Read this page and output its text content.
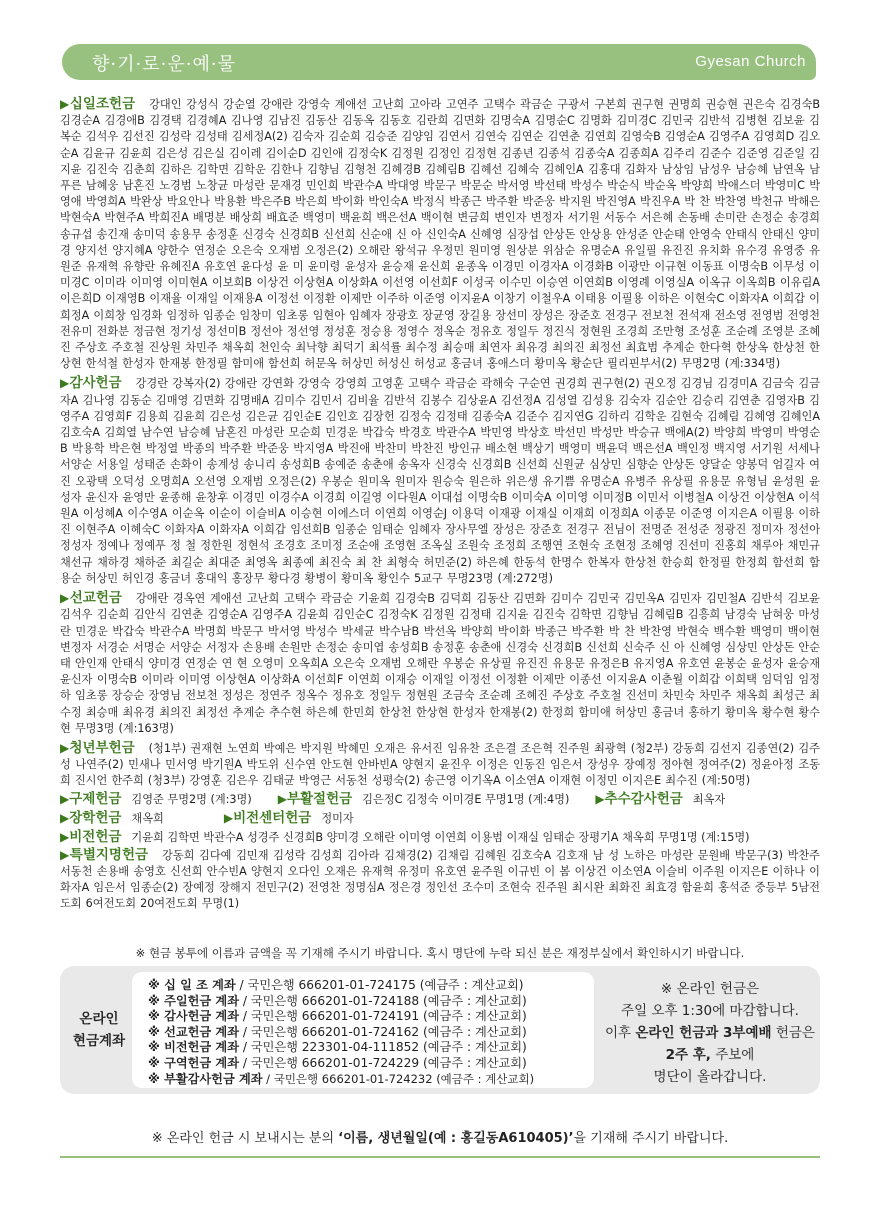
향·기·로·운·예·물	Gyesan Church

▶십일조헌금 강대인 강성식 강순열 강애란 강영숙 계애선 고난희 고아라 고연주 고택수 곽금순 구광서 구본희 권구현 권명희 권승현 권은숙 김경숙B 김경순A 김경애B 김경택 김경혜A 김나영 김남진 김동산 김동옥 김동호 김란희 김면화 김명숙A 김명순C 김명화 김미경C 김민국 김반석 김병현 김보윤 김복순 김석우 김선진 김성락 김성태 김세정A(2) 김숙자 김순희 김승준 김양임 김연서 김연숙 김연순 김연춘 김연희 김영숙B 김영순A 김영주A 김영희D 김오순A 김윤규 김윤희 김은성 김은실 김이레 김이순D 김인애 김정숙K 김정원 김정인 김정현 김종년 김종석 김종숙A 김종희A 김주리 김준수 김준영 김준일 김지윤 김진숙 김춘희 김하은 김학면 김학운 김한나 김향님 김형천 김혜경B 김혜림B 김혜선 김혜숙 김혜인A 김홍대 김화자 남상임 남성우 남승혜 남연옥 남푸른 남혜웅 남혼진 노경범 노창균 마성란 문재경 민인희 박관수A 박대영 박문구 박문순 박서영 박선태 박성수 박순식 박순옥 박양희 박애스더 박영미C 박영애 박영희A 박완상 박요안나 박용환 박은주B 박은희 박이화 박인숙A 박정식 박종근 박주환 박준웅 박지원 박진영A 박진우A 박 찬 박찬영 박천규 박해은 박현숙A 박현주A 박희진A 배명분 배상희 배효준 백영미 백윤희 백은선A 백이현 변금희 변인자 변정자 서기원 서동수 서은혜 손동배 손미란 손정순 송경희 송규섭 송긴재 송미덕 송용무 송정훈 신경숙 신경희B 신선희 신순애 신 아 신인숙A 신혜영 심장섭 안상돈 안상용 안성준 안순태 안영숙 안태식 안태신 양미경 양지선 양지혜A 양한수 연정순 오은숙 오재범 오정은(2) 오해란 왕석규 우정민 원미영 원상분 위삼순 유명순A 유일필 유진진 유치화 유수경 유영중 유원준 유재혁 유향란 유혜진A 유호연 윤다성 윤 미 윤미령 윤성자 윤승재 윤신희 윤종옥 이경민 이경자A 이경화B 이광만 이규현 이동표 이명숙B 이무성 이미경C 이미라 이미영 이미현A 이보희B 이상건 이상현A 이상화A 이선영 이선희F 이성국 이수민 이승연 이연희B 이영례 이영실A 이옥규 이옥희B 이유림A 이은희D 이재영B 이재율 이재일 이재용A 이정선 이정환 이제만 이주하 이준영 이지윤A 이창기 이철우A 이태용 이필용 이하은 이현숙C 이화자A 이희갑 이희정A 이희창 임경화 임정하 임종순 임창미 임초롱 임현아 임혜자 장광호 장균영 장길용 장선미 장성은 장준호 전경구 전보천 전석재 전소영 전영범 전영천 전유미 전화분 정금현 정기성 정선미B 정선아 정선영 정성훈 정승용 정영수 정옥순 정유호 정일두 정진식 정현원 조경희 조만형 조성훈 조순례 조영분 조혜진 주상호 주호철 진상원 차민주 채옥희 천인숙 최낙향 최덕기 최석률 최수정 최승매 최연자 최유경 최의진 최정선 최효범 추계순 한다혁 한상옥 한상천 한상현 한석철 한성자 한재봉 한정필 함미애 함선희 허문옥 허상민 허성신 허성교 홍금녀 홍애스더 황미옥 황순단 필리핀부서(2) 무명2명 (계:334명)

▶감사헌금 강경란 강복자(2) 강애란 강연화 강영숙 강영희 고영훈 고택수 곽금순 곽해숙 구순연 권경희 권구현(2) 권오정 김경님 김경미A 김금숙 김금자A 김나영 김동순 김매영 김면화 김명배A 김미수 김민서 김비율 김반석 김봉수 김상윤A 김선정A 김성열 김성용 김숙자 김순안 김승리 김연춘 김영자B 김영주A 김영희F 김용희 김윤희 김은성 김은균 김인순E 김인호 김장헌 김정숙 김정태 김종숙A 김준수 김지연G 김하리 김학운 김현숙 김혜림 김혜영 김혜인A 김호숙A 김희열 남수연 남승혜 남혼진 마성란 모순희 민경운 박갑숙 박경호 박관수A 박민영 박상호 박선민 박성만 박승규 백애A(2) 박양희 박영미 박영순B 박용학 박은현 박정열 박종의 박주환 박준웅 박지영A 박진애 박찬미 박찬진 방인규 배소현 백상기 백영미 백윤덕 백은선A 백인정 백지영 서기원 서세나 서양순 서용일 성태준 손화이 송계성 송니리 송성희B 송예준 송춘애 송옥자 신경숙 신경희B 신선희 신원균 심상민 심향순 안상돈 양달순 양봉덕 엄길자 여 진 오광택 오덕성 오명희A 오선영 오재범 오정은(2) 우봉순 원미옥 원미자 원승숙 원은하 위은생 유기쁨 유명순A 유병주 유상필 유용문 유형님 윤성원 윤성자 윤신자 윤영만 윤종해 윤창후 이경민 이경수A 이경희 이길영 이다원A 이대섭 이명숙B 이미숙A 이미영 이미정B 이민서 이병철A 이상건 이상현A 이석원A 이성혜A 이수영A 이순옥 이순이 이슬비A 이승현 이에스더 이연희 이영순J 이용덕 이재광 이재실 이재희 이정희A 이종문 이준영 이지은A 이필용 이하진 이현주A 이혜숙C 이화자A 이화자A 이희갑 임선희B 임종순 임태순 임혜자 장사무엘 장성은 장준호 전경구 전님이 전명준 전성준 정광진 정미자 정선아 정성자 정예나 정예푸 정 철 정한원 정현석 조경호 조미정 조순애 조영현 조옥실 조원숙 조정희 조행연 조현숙 조현정 조혜영 진선미 진홍희 채루아 채민규 채선규 채하경 채하준 최길순 최대준 최영옥 최종예 최진숙 최 찬 최형숙 허민준(2) 하은혜 한동석 한명수 한복자 한상천 한승희 한정필 한정희 함선희 함용순 허상민 허인경 홍금녀 홍대익 홍장무 황다경 황병이 황미옥 황인수 5교구 무명23명 (계:272명)

▶선교헌금 강애란 경옥연 계애선 고난희 고택수 곽금순 기윤희 김경숙B 김덕희 김동산 김면화 김미수 김민국 김민옥A 김민자 김민철A 김반석 김보윤 김석우 김순희 김안식 김연춘 김영순A 김영주A 김윤희 김인순C 김정숙K 김정원 김정태 김지윤 김진숙 김학면 김향님 김혜림B 김흥희 남경숙 남혀웅 마성란 민경운 박갑숙 박관수A 박명희 박문구 박서영 박성수 박세균 박수남B 박선옥 박양희 박이화 박종근 박주환 박 찬 박찬영 박현숙 백수환 백영미 백이현 변정자 서경순 서명순 서양순 서정자 손용배 손원만 손정순 송미엽 송성희B 송정훈 송춘애 신경숙 신경희B 신선희 신숙주 신 아 신혜영 심상민 안상돈 안순태 안인재 안태식 양미경 연정순 연 현 오영미 오옥희A 오은숙 오재범 오해란 우봉순 유상필 유진진 유용문 유정은B 유지영A 유호연 윤봉순 윤성자 윤승재 윤신자 이명숙B 이미라 이미영 이상현A 이상화A 이선희F 이연희 이재승 이재일 이정선 이정환 이제만 이종선 이지윤A 이춘월 이희갑 이희택 임덕임 임정하 임초롱 장승순 장영님 전보천 정성은 정연주 정옥수 정유호 정일두 정현원 조금숙 조순례 조혜진 주상호 주호철 진선미 차민숙 차민주 채옥희 최성근 최수정 최승매 최유경 최의진 최정선 추계순 추수현 하은혜 한민희 한상천 한상현 한성자 한재봉(2) 한정희 함미애 허상민 홍금녀 홍하기 황미옥 황수현 황수현 무명3명 (계:163명)

▶청년부헌금 (청1부) 권재현 노연희 박예은 박지원 박혜민 오재은 유서진 임유찬 조은결 조은혁 진주원 최광혁 (청2부) 강동희 김선지 김종연(2) 김주성 나연주(2) 민새나 민서영 박기원A 박도위 신수연 안도현 안바빈A 양현지 윤진우 이정은 인동진 임은서 장성우 장예정 정아현 정여주(2) 정윤아정 조동희 진시언 한주희 (청3부) 강영훈 김은우 김태균 박영근 서동천 성평숙(2) 송근영 이기옥A 이소연A 이재현 이정민 이지은E 최수진 (계:50명)

▶구제헌금 김영준 무명2명 (계:3명) ▶부활절헌금 김은정C 김정숙 이미경E 무명1명 (계:4명) ▶추수감사헌금 최옥자
▶장학헌금 채옥희	▶비전센터헌금 정미자
▶비전헌금 기윤희 김학면 박관수A 성경주 신경희B 양미경 오해란 이미영 이연희 이용범 이재실 임태순 장평기A 채옥희 무명1명 (계:15명)

▶특별지명헌금 강동희 김다예 김민재 김성락 김성희 김아라 김채경(2) 김채림 김혜원 김호숙A 김호재 남 성 노하은 마성란 문원배 박문구(3) 박찬주 서동천 손용배 송영호 신선희 안수빈A 양현지 오다인 오재은 유재혁 유정미 유호연 윤주원 이규빈 이 봄 이상건 이소연A 이슬비 이주원 이지은E 이하나 이화자A 임은서 임종순(2) 장예정 장해지 전민구(2) 전영찬 정명심A 정은경 정인선 조수미 조현숙 진주원 최시완 최화진 최효경 함윤희 홍석준 중등부 5남전도회 6여전도회 20여전도회 무명(1)

※ 현금 봉투에 이름과 금액을 꼭 기재해 주시기 바랍니다. 혹시 명단에 누락 되신 분은 재정부실에서 확인하시기 바랍니다.
온라인
현금계좌
※ 십 일 조 계좌 / 국민은행 666201-01-724175 (예금주 : 계산교회)
※ 주일헌금 계좌 / 국민은행 666201-01-724188 (예금주 : 계산교회)
※ 감사헌금 계좌 / 국민은행 666201-01-724191 (예금주 : 계산교회)
※ 선교헌금 계좌 / 국민은행 666201-01-724162 (예금주 : 계산교회)
※ 비전헌금 계좌 / 국민은행 223301-04-111852 (예금주 : 계산교회)
※ 구역헌금 계좌 / 국민은행 666201-01-724229 (예금주 : 계산교회)
※ 부활감사헌금 계좌 / 국민은행 666201-01-724232 (예금주 : 계산교회)
※ 온라인 헌금은
주일 오후 1:30에 마감합니다.
이후 온라인 헌금과 3부예배 헌금은
2주 후, 주보에
명단이 올라갑니다.
※ 온라인 헌금 시 보내시는 분의 ‘이름, 생년월일(예 : 홍길동A610405)’을 기재해 주시기 바랍니다.
